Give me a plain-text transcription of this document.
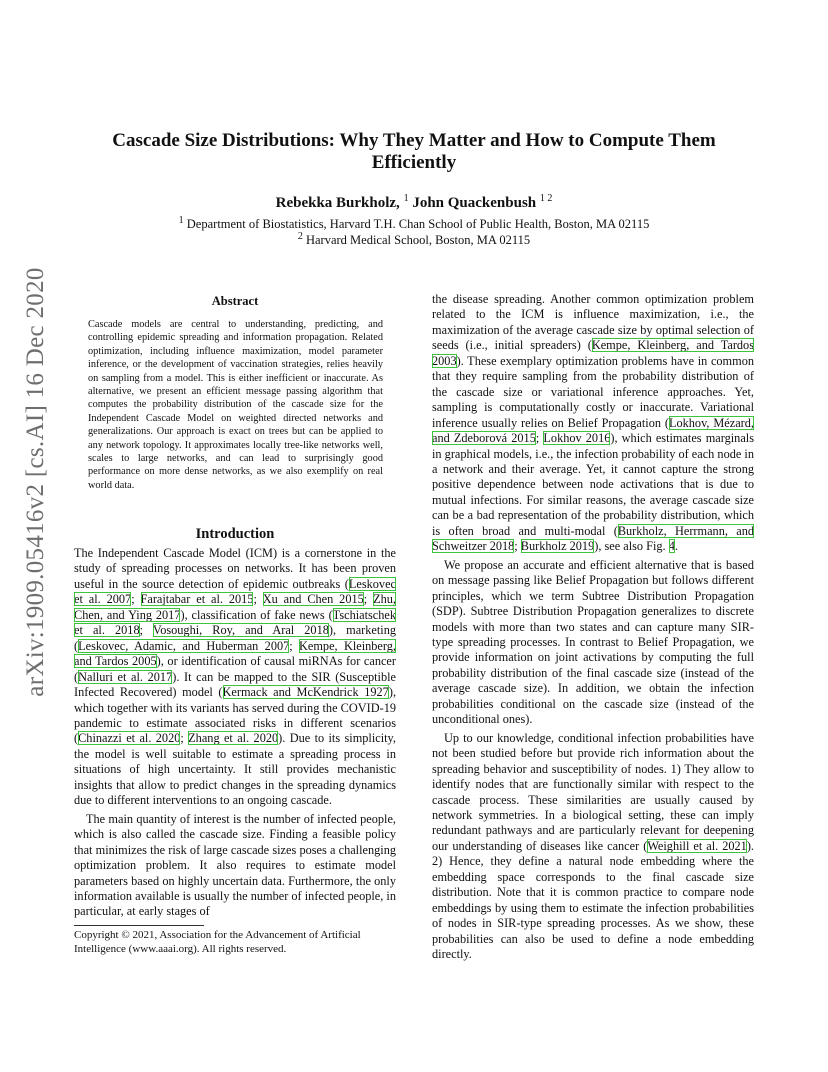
arXiv:1909.05416v2 [cs.AI] 16 Dec 2020
Cascade Size Distributions: Why They Matter and How to Compute Them Efficiently
Rebekka Burkholz, $^1$ John Quackenbush $^{1 2}$
$^1$ Department of Biostatistics, Harvard T.H. Chan School of Public Health, Boston, MA 02115
$^2$ Harvard Medical School, Boston, MA 02115
Abstract
Cascade models are central to understanding, predicting, and controlling epidemic spreading and information propagation. Related optimization, including influence maximization, model parameter inference, or the development of vaccination strategies, relies heavily on sampling from a model. This is either inefficient or inaccurate. As alternative, we present an efficient message passing algorithm that computes the probability distribution of the cascade size for the Independent Cascade Model on weighted directed networks and generalizations. Our approach is exact on trees but can be applied to any network topology. It approximates locally tree-like networks well, scales to large networks, and can lead to surprisingly good performance on more dense networks, as we also exemplify on real world data.
Introduction

The Independent Cascade Model (ICM) is a cornerstone in the study of spreading processes on networks. It has been proven useful in the source detection of epidemic outbreaks (Leskovec et al. 2007; Farajtabar et al. 2015; Xu and Chen 2015; Zhu, Chen, and Ying 2017), classification of fake news (Tschiatschek et al. 2018; Vosoughi, Roy, and Aral 2018), marketing (Leskovec, Adamic, and Huberman 2007; Kempe, Kleinberg, and Tardos 2005), or identification of causal miRNAs for cancer (Nalluri et al. 2017). It can be mapped to the SIR (Susceptible Infected Recovered) model (Kermack and McKendrick 1927), which together with its variants has served during the COVID-19 pandemic to estimate associated risks in different scenarios (Chinazzi et al. 2020; Zhang et al. 2020). Due to its simplicity, the model is well suitable to estimate a spreading process in situations of high uncertainty. It still provides mechanistic insights that allow to predict changes in the spreading dynamics due to different interventions to an ongoing cascade.

The main quantity of interest is the number of infected people, which is also called the cascade size. Finding a feasible policy that minimizes the risk of large cascade sizes poses a challenging optimization problem. It also requires to estimate model parameters based on highly uncertain data. Furthermore, the only information available is usually the number of infected people, in particular, at early stages of

Copyright © 2021, Association for the Advancement of Artificial Intelligence (www.aaai.org). All rights reserved.

the disease spreading. Another common optimization problem related to the ICM is influence maximization, i.e., the maximization of the average cascade size by optimal selection of seeds (i.e., initial spreaders) (Kempe, Kleinberg, and Tardos 2003). These exemplary optimization problems have in common that they require sampling from the probability distribution of the cascade size or variational inference approaches. Yet, sampling is computationally costly or inaccurate. Variational inference usually relies on Belief Propagation (Lokhov, Mézard, and Zdeborová 2015; Lokhov 2016), which estimates marginals in graphical models, i.e., the infection probability of each node in a network and their average. Yet, it cannot capture the strong positive dependence between node activations that is due to mutual infections. For similar reasons, the average cascade size can be a bad representation of the probability distribution, which is often broad and multi-modal (Burkholz, Herrmann, and Schweitzer 2018; Burkholz 2019), see also Fig. 4.

We propose an accurate and efficient alternative that is based on message passing like Belief Propagation but follows different principles, which we term Subtree Distribution Propagation (SDP). Subtree Distribution Propagation generalizes to discrete models with more than two states and can capture many SIR-type spreading processes. In contrast to Belief Propagation, we provide information on joint activations by computing the full probability distribution of the final cascade size (instead of the average cascade size). In addition, we obtain the infection probabilities conditional on the cascade size (instead of the unconditional ones).

Up to our knowledge, conditional infection probabilities have not been studied before but provide rich information about the spreading behavior and susceptibility of nodes. 1) They allow to identify nodes that are functionally similar with respect to the cascade process. These similarities are usually caused by network symmetries. In a biological setting, these can imply redundant pathways and are particularly relevant for deepening our understanding of diseases like cancer (Weighill et al. 2021). 2) Hence, they define a natural node embedding where the embedding space corresponds to the final cascade size distribution. Note that it is common practice to compare node embeddings by using them to estimate the infection probabilities of nodes in SIR-type spreading processes. As we show, these probabilities can also be used to define a node embedding directly.
